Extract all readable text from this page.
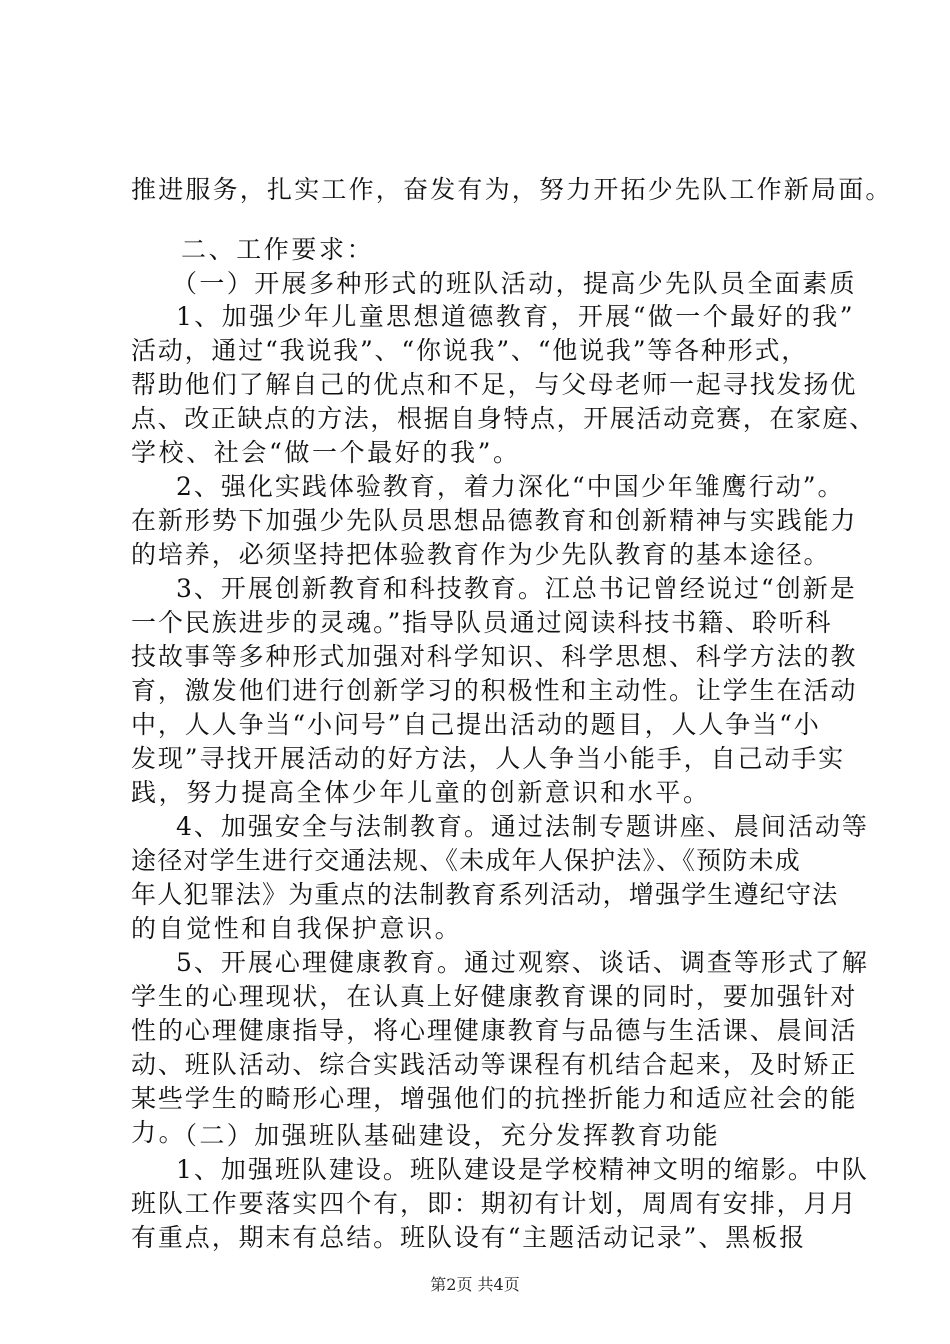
推进服务，扎实工作，奋发有为，努力开拓少先队工作新局面。
二、工作要求：
（一）开展多种形式的班队活动，提高少先队员全面素质
1、加强少年儿童思想道德教育，开展“做一个最好的我”
活动，通过“我说我”、“你说我”、“他说我”等各种形式，
帮助他们了解自己的优点和不足，与父母老师一起寻找发扬优
点、改正缺点的方法，根据自身特点，开展活动竞赛，在家庭、
学校、社会“做一个最好的我”。
2、强化实践体验教育，着力深化“中国少年雏鹰行动”。
在新形势下加强少先队员思想品德教育和创新精神与实践能力
的培养，必须坚持把体验教育作为少先队教育的基本途径。
3、开展创新教育和科技教育。江总书记曾经说过“创新是
一个民族进步的灵魂。”指导队员通过阅读科技书籍、聆听科
技故事等多种形式加强对科学知识、科学思想、科学方法的教
育，激发他们进行创新学习的积极性和主动性。让学生在活动
中，人人争当“小问号”自己提出活动的题目，人人争当“小
发现”寻找开展活动的好方法，人人争当小能手，自己动手实
践，努力提高全体少年儿童的创新意识和水平。
4、加强安全与法制教育。通过法制专题讲座、晨间活动等
途径对学生进行交通法规、《未成年人保护法》、《预防未成
年人犯罪法》为重点的法制教育系列活动，增强学生遵纪守法
的自觉性和自我保护意识。
5、开展心理健康教育。通过观察、谈话、调查等形式了解
学生的心理现状，在认真上好健康教育课的同时，要加强针对
性的心理健康指导，将心理健康教育与品德与生活课、晨间活
动、班队活动、综合实践活动等课程有机结合起来，及时矫正
某些学生的畸形心理，增强他们的抗挫折能力和适应社会的能
力。
（二）加强班队基础建设，充分发挥教育功能
1、加强班队建设。班队建设是学校精神文明的缩影。中队
班队工作要落实四个有，即：期初有计划，周周有安排，月月
有重点，期末有总结。班队设有“主题活动记录”、黑板报
第2页 共4页
